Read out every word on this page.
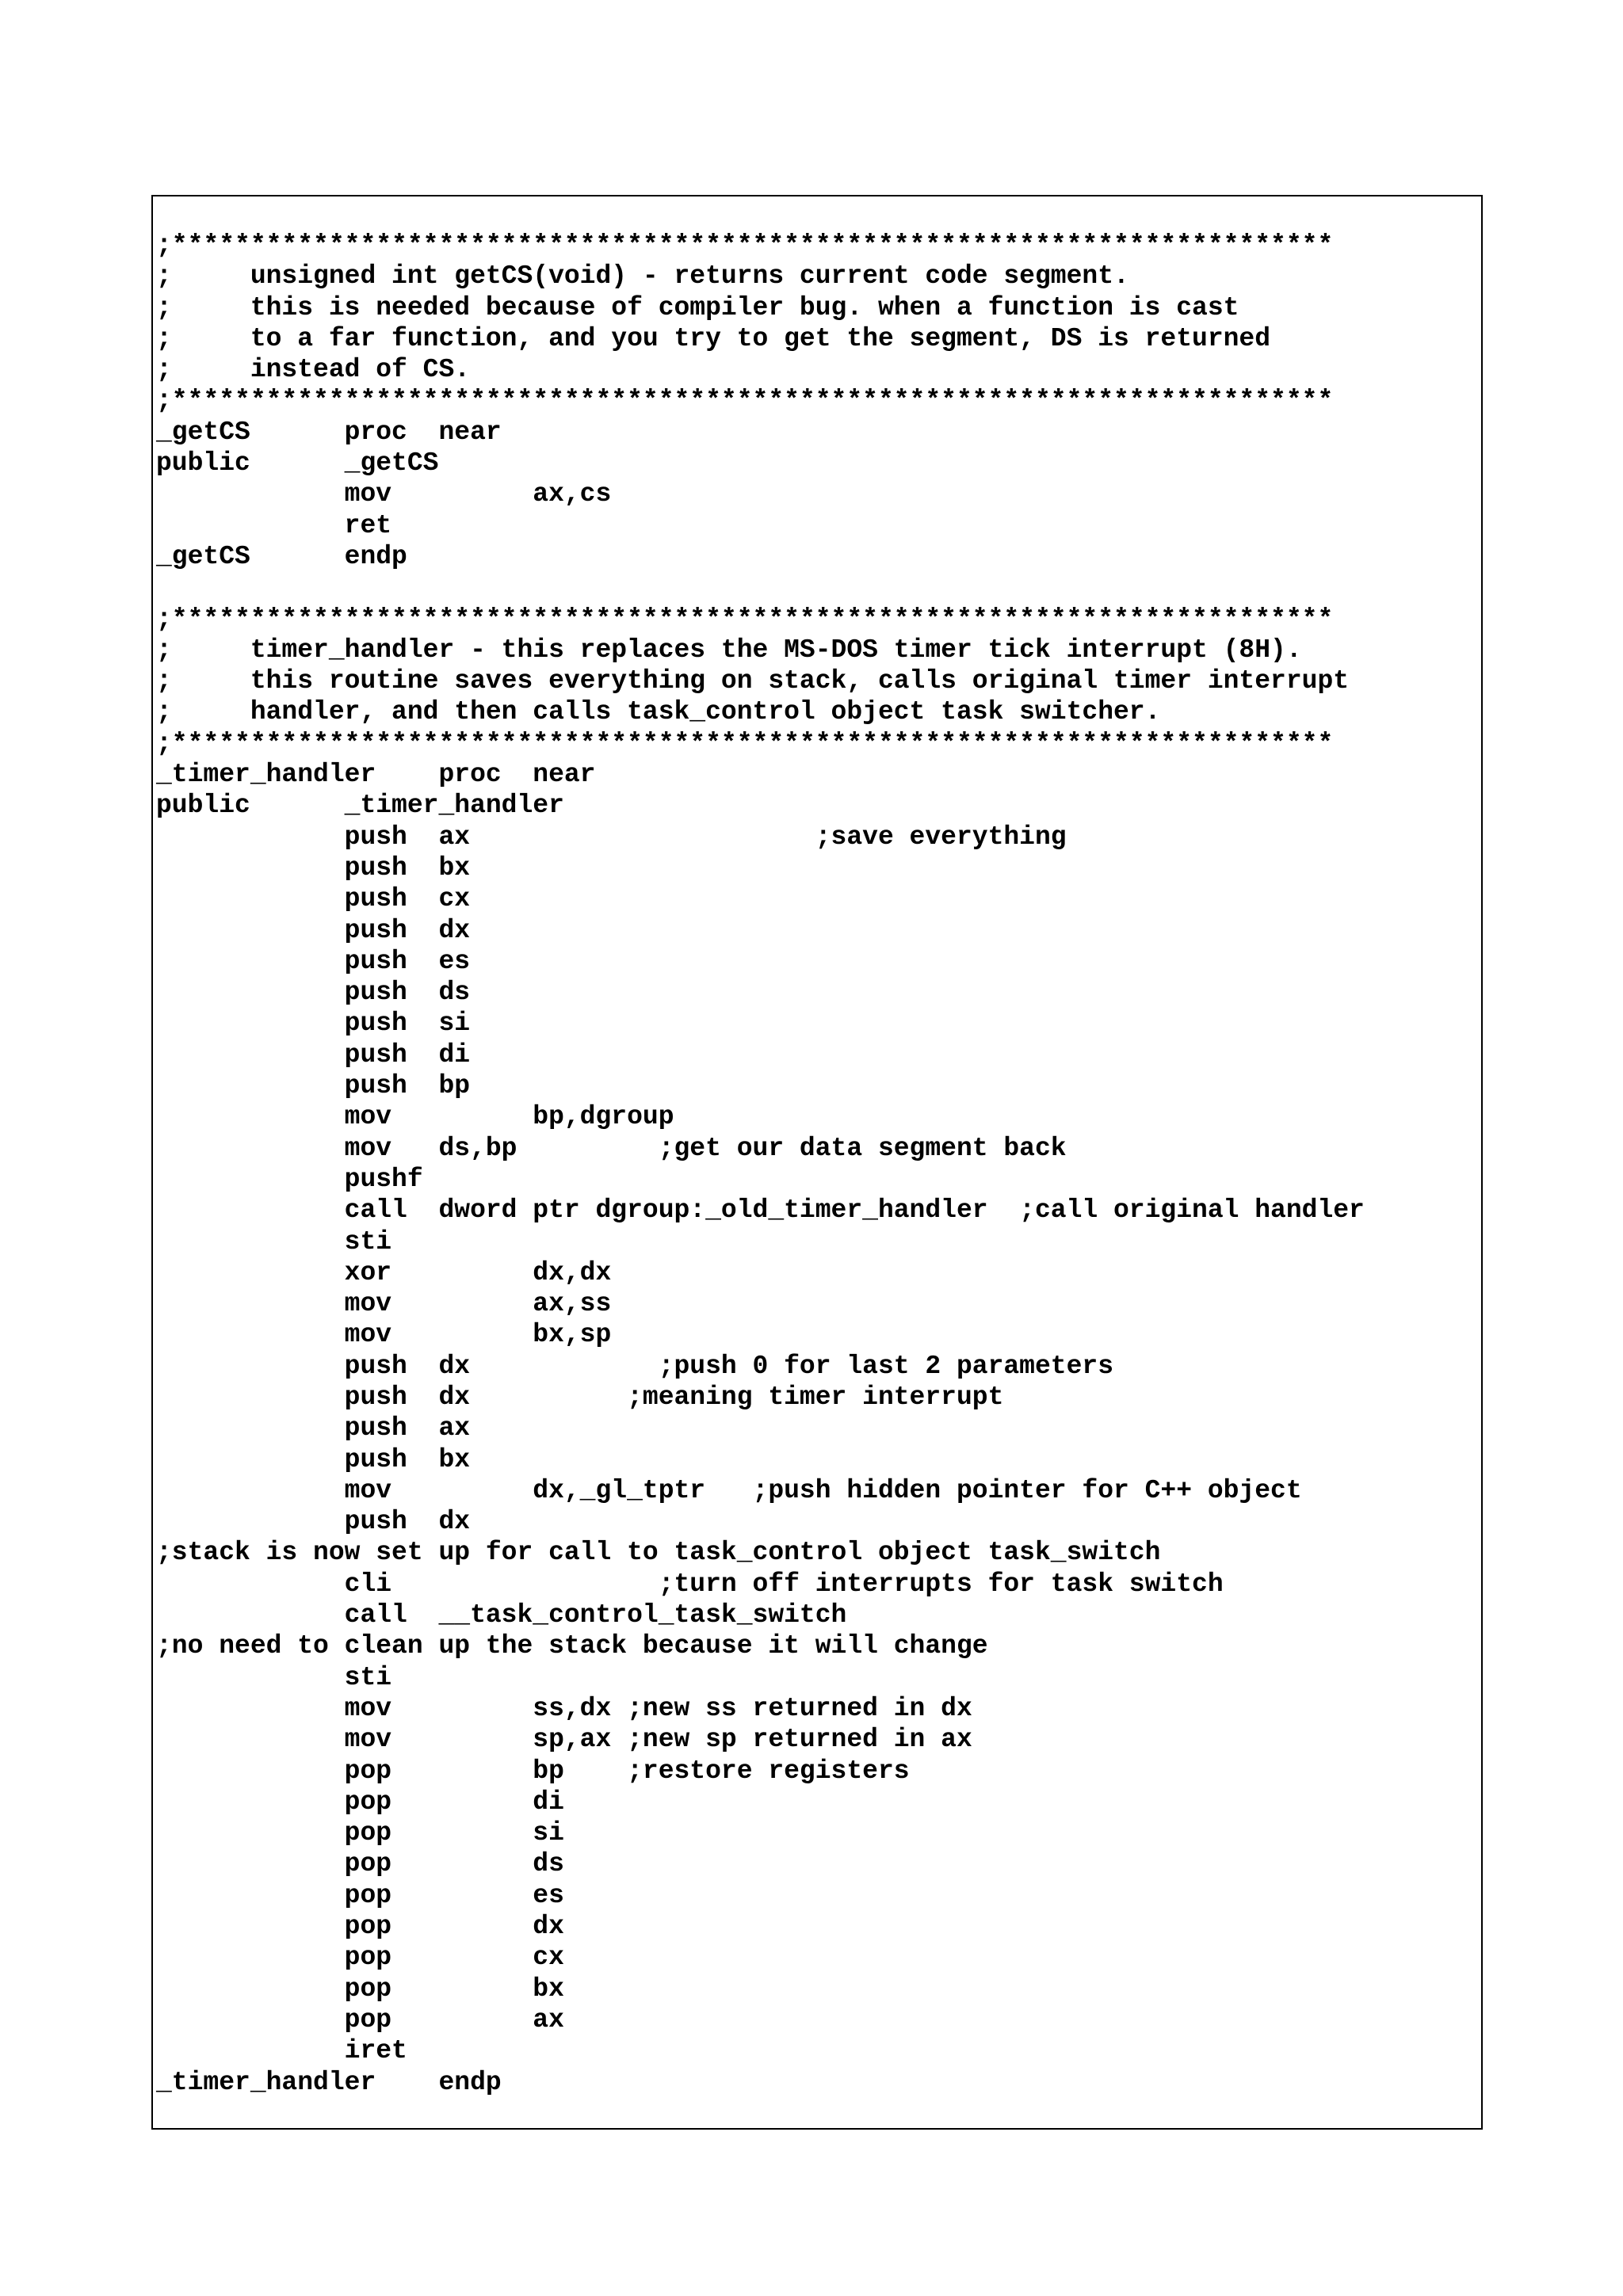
;**************************************************************************
;     unsigned int getCS(void) - returns current code segment.
;     this is needed because of compiler bug. when a function is cast
;     to a far function, and you try to get the segment, DS is returned
;     instead of CS.
;**************************************************************************
_getCS      proc  near
public      _getCS
mov         ax,cs
ret
_getCS      endp

;**************************************************************************
;     timer_handler - this replaces the MS-DOS timer tick interrupt (8H).
;     this routine saves everything on stack, calls original timer interrupt
;     handler, and then calls task_control object task switcher.
;**************************************************************************
_timer_handler    proc  near
public      _timer_handler
push  ax                      ;save everything
push  bx
push  cx
push  dx
push  es
push  ds
push  si
push  di
push  bp
mov         bp,dgroup
mov   ds,bp         ;get our data segment back
pushf
call  dword ptr dgroup:_old_timer_handler  ;call original handler
sti
xor         dx,dx
mov         ax,ss
mov         bx,sp
push  dx            ;push 0 for last 2 parameters
push  dx          ;meaning timer interrupt
push  ax
push  bx
mov         dx,_gl_tptr   ;push hidden pointer for C++ object
push  dx
;stack is now set up for call to task_control object task_switch
cli                 ;turn off interrupts for task switch
call  __task_control_task_switch
;no need to clean up the stack because it will change
sti
mov         ss,dx ;new ss returned in dx
mov         sp,ax ;new sp returned in ax
pop         bp    ;restore registers
pop         di
pop         si
pop         ds
pop         es
pop         dx
pop         cx
pop         bx
pop         ax
iret
_timer_handler    endp
